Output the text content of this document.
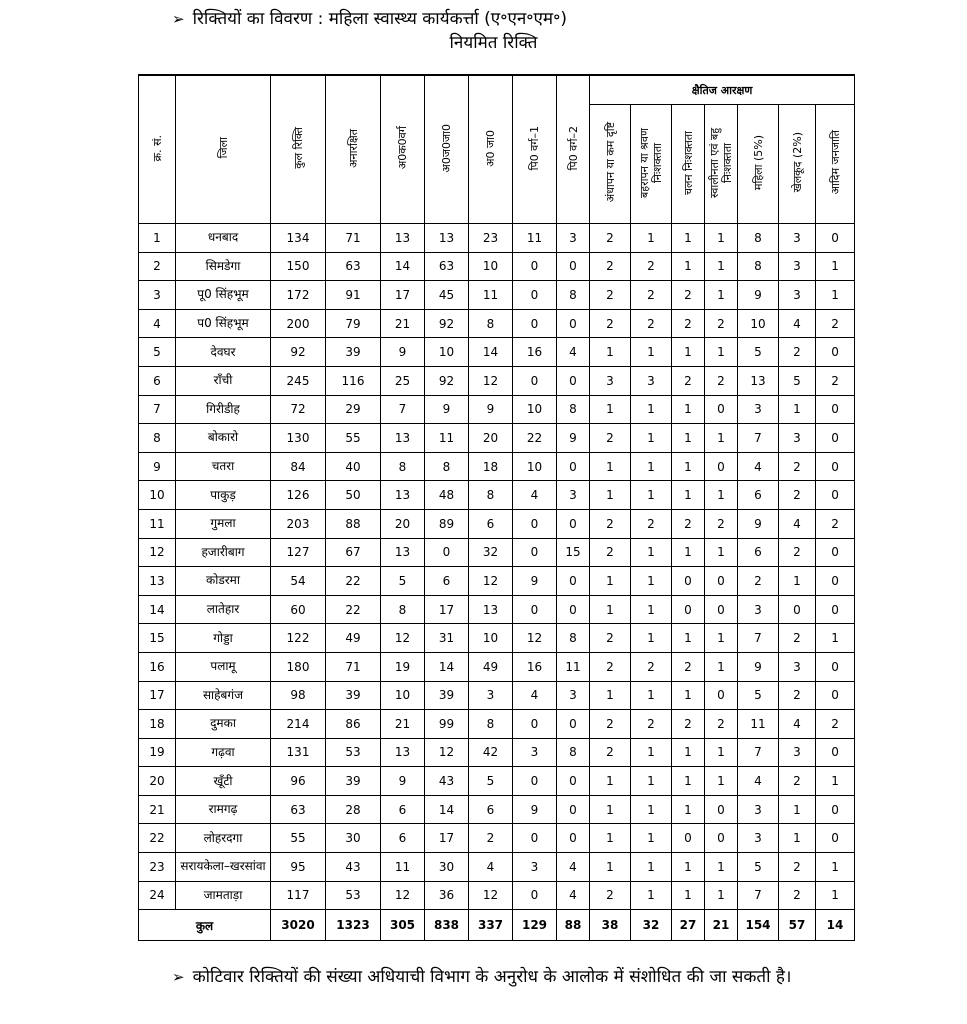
➢ रिक्तियों का विवरण : महिला स्वास्थ्य कार्यकर्त्ता (ए॰एन॰एम॰)
नियमित रिक्ति
क्र. सं.	जिला	कुल रिक्ति	अनारक्षित	अ0क0वर्ग	अ0ज0जा0	अ0 जा0	पि0 वर्ग–1	पि0 वर्ग–2	क्षैतिज आरक्षण						
									अंधापन या कम दृष्टि	बहरापन या श्रवण निःशक्तता	चलन निःशक्तता	स्वालीनता एवं बहु निःशक्तता	महिला (5%)	खेलकूद (2%)	आदिम जनजाति
1	धनबाद	134	71	13	13	23	11	3	2	1	1	1	8	3	0
2	सिमडेगा	150	63	14	63	10	0	0	2	2	1	1	8	3	1
3	पू0 सिंहभूम	172	91	17	45	11	0	8	2	2	2	1	9	3	1
4	प0 सिंहभूम	200	79	21	92	8	0	0	2	2	2	2	10	4	2
5	देवघर	92	39	9	10	14	16	4	1	1	1	1	5	2	0
6	राँची	245	116	25	92	12	0	0	3	3	2	2	13	5	2
7	गिरीडीह	72	29	7	9	9	10	8	1	1	1	0	3	1	0
8	बोकारो	130	55	13	11	20	22	9	2	1	1	1	7	3	0
9	चतरा	84	40	8	8	18	10	0	1	1	1	0	4	2	0
10	पाकुड़	126	50	13	48	8	4	3	1	1	1	1	6	2	0
11	गुमला	203	88	20	89	6	0	0	2	2	2	2	9	4	2
12	हजारीबाग	127	67	13	0	32	0	15	2	1	1	1	6	2	0
13	कोडरमा	54	22	5	6	12	9	0	1	1	0	0	2	1	0
14	लातेहार	60	22	8	17	13	0	0	1	1	0	0	3	0	0
15	गोड्डा	122	49	12	31	10	12	8	2	1	1	1	7	2	1
16	पलामू	180	71	19	14	49	16	11	2	2	2	1	9	3	0
17	साहेबगंज	98	39	10	39	3	4	3	1	1	1	0	5	2	0
18	दुमका	214	86	21	99	8	0	0	2	2	2	2	11	4	2
19	गढ़वा	131	53	13	12	42	3	8	2	1	1	1	7	3	0
20	खूँटी	96	39	9	43	5	0	0	1	1	1	1	4	2	1
21	रामगढ़	63	28	6	14	6	9	0	1	1	1	0	3	1	0
22	लोहरदगा	55	30	6	17	2	0	0	1	1	0	0	3	1	0
23	सरायकेला–खरसांवा	95	43	11	30	4	3	4	1	1	1	1	5	2	1
24	जामताड़ा	117	53	12	36	12	0	4	2	1	1	1	7	2	1
कुल		3020	1323	305	838	337	129	88	38	32	27	21	154	57	14
➢ कोटिवार रिक्तियों की संख्या अधियाची विभाग के अनुरोध के आलोक में संशोधित की जा सकती है।
